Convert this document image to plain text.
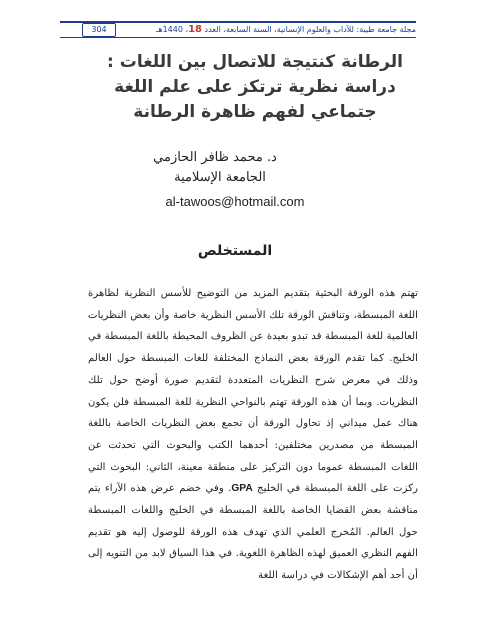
304	مجلة جامعة طيبة: للآداب والعلوم الإنسانية، السنة السابعة، العدد 18، 1440هـ
الرطانة كنتيجة للاتصال بين اللغات : دراسة نظرية ترتكز على علم اللغة جتماعي لفهم ظاهرة الرطانة
د. محمد ظافر الحازمي
الجامعة الإسلامية
al-tawoos@hotmail.com
المستخلص
تهتم هذه الورقة البحثية بتقديم المزيد من التوضيح للأسس النظرية لظاهرة اللغة المبسطة، وتناقش الورقة تلك الأسس النظرية خاصة وأن بعض النظريات العالمية للغة المبسطة قد تبدو بعيدة عن الظروف المحيطة باللغة المبسطة في الخليج. كما تقدم الورقة بعض النماذج المختلفة للغات المبسطة حول العالم وذلك في معرض شرح النظريات المتعددة لتقديم صورة أوضح حول تلك النظريات. وبما أن هذه الورقة تهتم بالنواحي النظرية للغة المبسطة فلن يكون هناك عمل ميداني إذ تحاول الورقة أن تجمع بعض النظريات الخاصة باللغة المبسطة من مصدرين مختلفين: أحدهما الكتب والبحوث التي تحدثت عن اللغات المبسطة عموما دون التركيز على منطقة معينة، الثاني: البحوث التي ركزت على اللغة المبسطة في الخليج GPA. وفي خضم عرض هذه الآراء يتم مناقشة بعض القضايا الخاصة باللغة المبسطة في الخليج واللغات المبسطة حول العالم. المُخرج العلمي الذي تهدف هذه الورقة للوصول إليه هو تقديم الفهم النظري العميق لهذه الظاهرة اللغوية. في هذا السياق لابد من التنويه إلى أن أحد أهم الإشكالات في دراسة اللغة
